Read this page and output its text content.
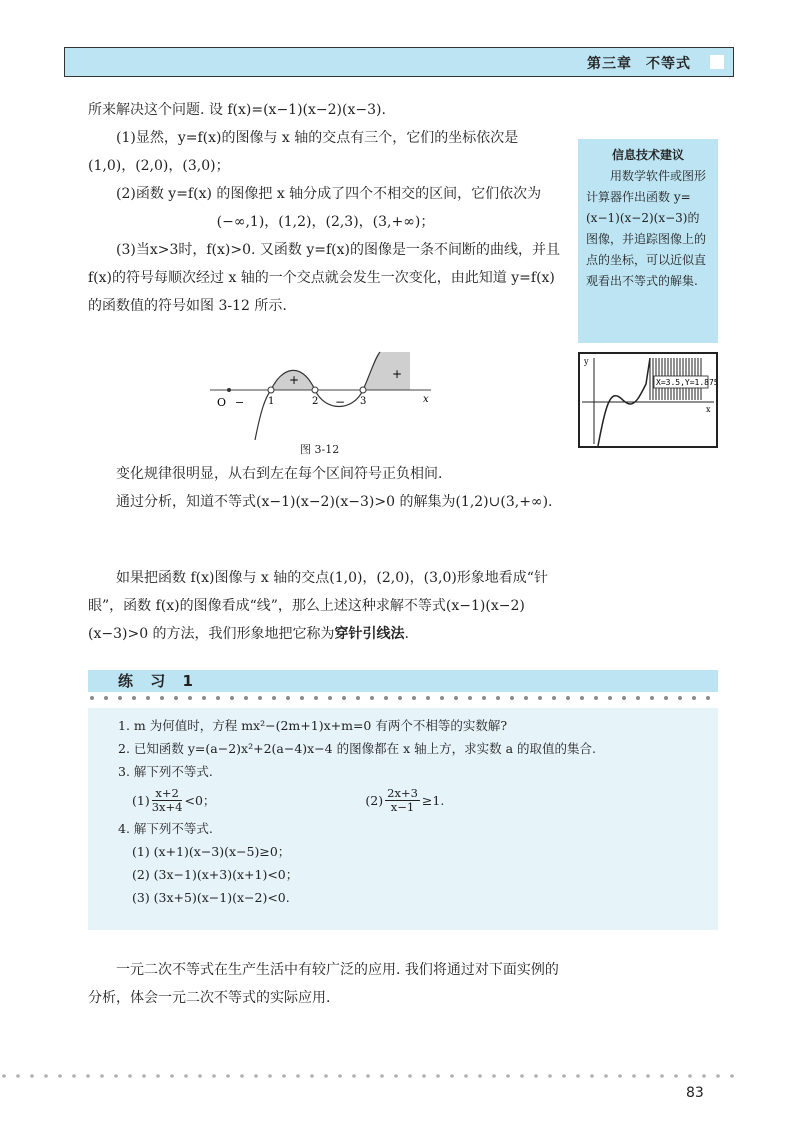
第三章 不等式

所来解决这个问题. 设 f(x)=(x−1)(x−2)(x−3).

(1)显然，y=f(x)的图像与 x 轴的交点有三个，它们的坐标依次是 (1,0)，(2,0)，(3,0)；

(2)函数 y=f(x) 的图像把 x 轴分成了四个不相交的区间，它们依次为

(−∞,1)，(1,2)，(2,3)，(3,+∞)；

(3)当x>3时，f(x)>0. 又函数 y=f(x)的图像是一条不间断的曲线，并且 f(x)的符号每顺次经过 x 轴的一个交点就会发生一次变化，由此知道 y=f(x)的函数值的符号如图 3-12 所示.

信息技术建议
用数学软件或图形计算器作出函数 y=(x−1)(x−2)(x−3)的图像，并追踪图像上的点的坐标，可以近似直观看出不等式的解集.
X=3.5,Y=1.875
y
x
O − 1	2	3	x
+
−
+
图 3-12

变化规律很明显，从右到左在每个区间符号正负相间.

通过分析，知道不等式(x−1)(x−2)(x−3)>0 的解集为(1,2)∪(3,+∞).

如果把函数 f(x)图像与 x 轴的交点(1,0)，(2,0)，(3,0)形象地看成“针眼”，函数 f(x)的图像看成“线”，那么上述这种求解不等式(x−1)(x−2)(x−3)>0 的方法，我们形象地把它称为穿针引线法.

练 习 1
1. m 为何值时，方程 mx²−(2m+1)x+m=0 有两个不相等的实数解?
2. 已知函数 y=(a−2)x²+2(a−4)x−4 的图像都在 x 轴上方，求实数 a 的取值的集合.
3. 解下列不等式.
$(1) \frac{x+2}{3x+4} <0$；	$(2) \frac{2x+3}{x-1} \ge 1$.
4. 解下列不等式.
(1) (x+1)(x−3)(x−5)≥0；
(2) (3x−1)(x+3)(x+1)<0；
(3) (3x+5)(x−1)(x−2)<0.

一元二次不等式在生产生活中有较广泛的应用. 我们将通过对下面实例的分析，体会一元二次不等式的实际应用.

83
